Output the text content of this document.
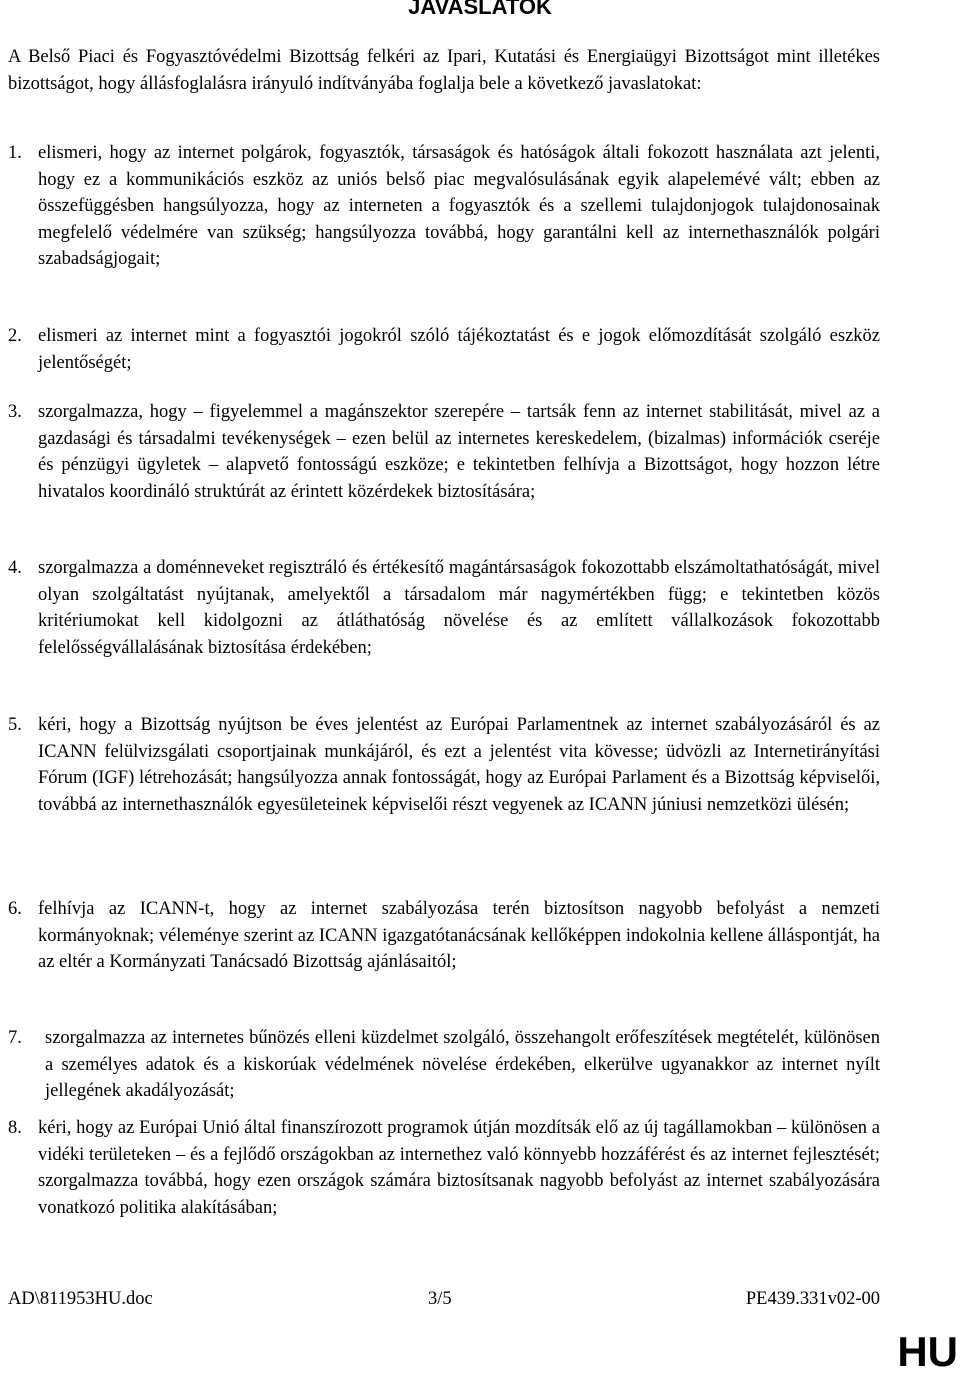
JAVASLATOK

A Belső Piaci és Fogyasztóvédelmi Bizottság felkéri az Ipari, Kutatási és Energiaügyi Bizottságot mint illetékes bizottságot, hogy állásfoglalásra irányuló indítványába foglalja bele a következő javaslatokat:

1. elismeri, hogy az internet polgárok, fogyasztók, társaságok és hatóságok általi fokozott használata azt jelenti, hogy ez a kommunikációs eszköz az uniós belső piac megvalósulásának egyik alapelemévé vált; ebben az összefüggésben hangsúlyozza, hogy az interneten a fogyasztók és a szellemi tulajdonjogok tulajdonosainak megfelelő védelmére van szükség; hangsúlyozza továbbá, hogy garantálni kell az internethasználók polgári szabadságjogait;
2. elismeri az internet mint a fogyasztói jogokról szóló tájékoztatást és e jogok előmozdítását szolgáló eszköz jelentőségét;
3. szorgalmazza, hogy – figyelemmel a magánszektor szerepére – tartsák fenn az internet stabilitását, mivel az a gazdasági és társadalmi tevékenységek – ezen belül az internetes kereskedelem, (bizalmas) információk cseréje és pénzügyi ügyletek – alapvető fontosságú eszköze; e tekintetben felhívja a Bizottságot, hogy hozzon létre hivatalos koordináló struktúrát az érintett közérdekek biztosítására;
4. szorgalmazza a doménneveket regisztráló és értékesítő magántársaságok fokozottabb elszámoltathatóságát, mivel olyan szolgáltatást nyújtanak, amelyektől a társadalom már nagymértékben függ; e tekintetben közös kritériumokat kell kidolgozni az átláthatóság növelése és az említett vállalkozások fokozottabb felelősségvállalásának biztosítása érdekében;
5. kéri, hogy a Bizottság nyújtson be éves jelentést az Európai Parlamentnek az internet szabályozásáról és az ICANN felülvizsgálati csoportjainak munkájáról, és ezt a jelentést vita kövesse; üdvözli az Internetirányítási Fórum (IGF) létrehozását; hangsúlyozza annak fontosságát, hogy az Európai Parlament és a Bizottság képviselői, továbbá az internethasználók egyesületeinek képviselői részt vegyenek az ICANN júniusi nemzetközi ülésén;
6. felhívja az ICANN-t, hogy az internet szabályozása terén biztosítson nagyobb befolyást a nemzeti kormányoknak; véleménye szerint az ICANN igazgatótanácsának kellőképpen indokolnia kellene álláspontját, ha az eltér a Kormányzati Tanácsadó Bizottság ajánlásaitól;
7. szorgalmazza az internetes bűnözés elleni küzdelmet szolgáló, összehangolt erőfeszítések megtételét, különösen a személyes adatok és a kiskorúak védelmének növelése érdekében, elkerülve ugyanakkor az internet nyílt jellegének akadályozását;
8. kéri, hogy az Európai Unió által finanszírozott programok útján mozdítsák elő az új tagállamokban – különösen a vidéki területeken – és a fejlődő országokban az internethez való könnyebb hozzáférést és az internet fejlesztését; szorgalmazza továbbá, hogy ezen országok számára biztosítsanak nagyobb befolyást az internet szabályozására vonatkozó politika alakításában;
AD\811953HU.doc	3/5	PE439.331v02-00
HU
